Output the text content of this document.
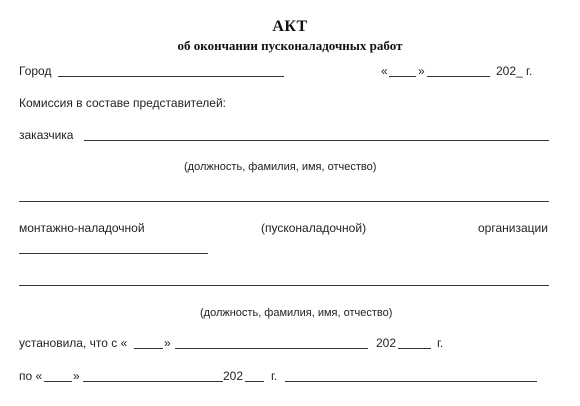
АКТ
об окончании пусконаладочных работ
Город	«	»	202_ г.
Комиссия в составе представителей:
заказчика
(должность, фамилия, имя, отчество)
монтажно-наладочной	(пусконаладочной)	организации
(должность, фамилия, имя, отчество)
установила, что с «	»	202	г.
по «	»	202 г.
